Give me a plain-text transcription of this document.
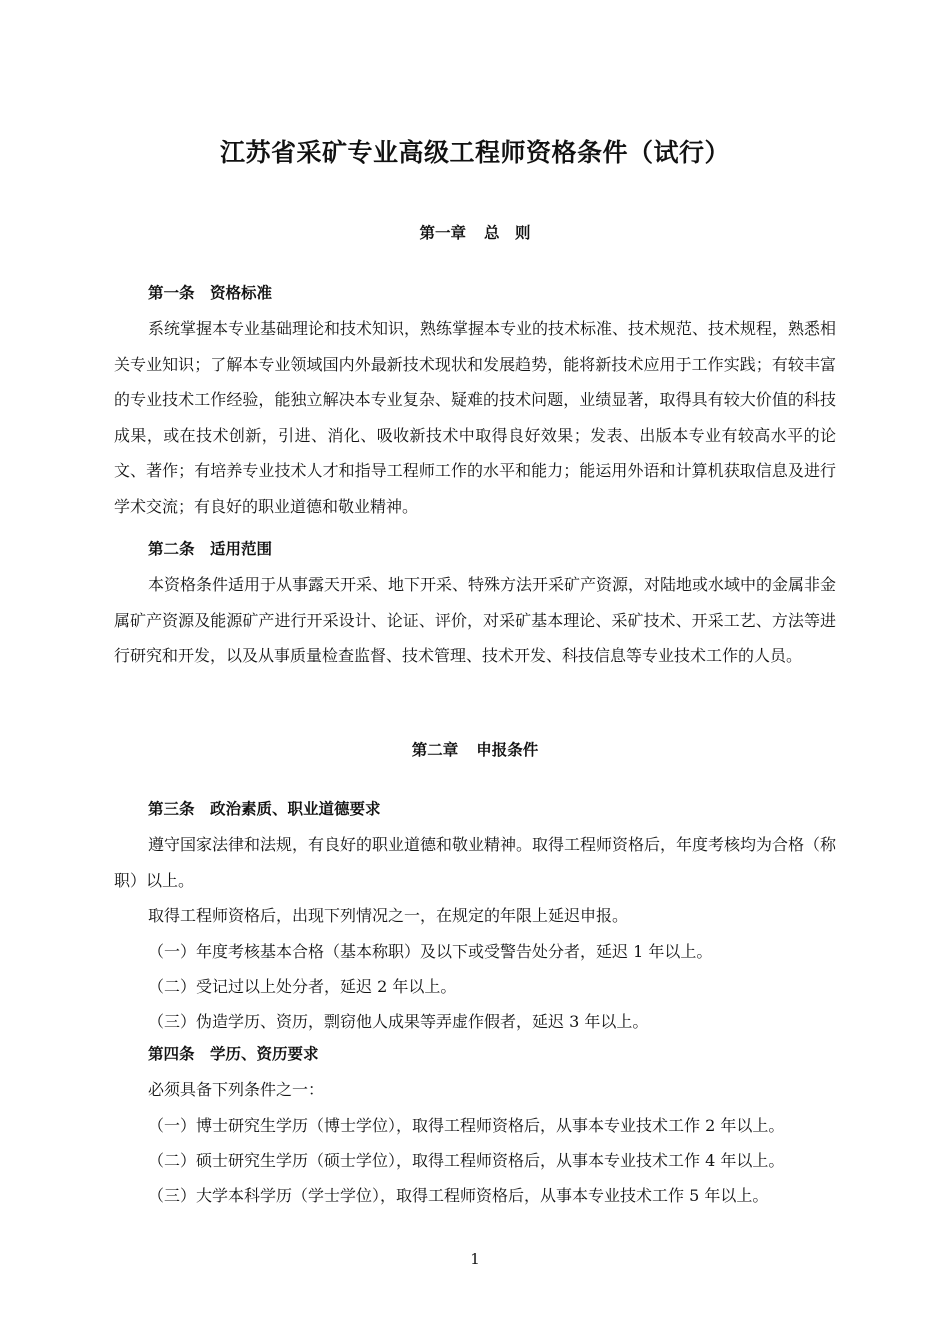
江苏省采矿专业高级工程师资格条件（试行）

第一章 总　则

第一条　资格标准

系统掌握本专业基础理论和技术知识，熟练掌握本专业的技术标准、技术规范、技术规程，熟悉相关专业知识；了解本专业领域国内外最新技术现状和发展趋势，能将新技术应用于工作实践；有较丰富的专业技术工作经验，能独立解决本专业复杂、疑难的技术问题，业绩显著，取得具有较大价值的科技成果，或在技术创新，引进、消化、吸收新技术中取得良好效果；发表、出版本专业有较高水平的论文、著作；有培养专业技术人才和指导工程师工作的水平和能力；能运用外语和计算机获取信息及进行学术交流；有良好的职业道德和敬业精神。

第二条　适用范围

本资格条件适用于从事露天开采、地下开采、特殊方法开采矿产资源，对陆地或水域中的金属非金属矿产资源及能源矿产进行开采设计、论证、评价，对采矿基本理论、采矿技术、开采工艺、方法等进行研究和开发，以及从事质量检查监督、技术管理、技术开发、科技信息等专业技术工作的人员。

第二章 申报条件

第三条　政治素质、职业道德要求

遵守国家法律和法规，有良好的职业道德和敬业精神。取得工程师资格后，年度考核均为合格（称职）以上。

取得工程师资格后，出现下列情况之一，在规定的年限上延迟申报。

（一）年度考核基本合格（基本称职）及以下或受警告处分者，延迟 1 年以上。

（二）受记过以上处分者，延迟 2 年以上。

（三）伪造学历、资历，剽窃他人成果等弄虚作假者，延迟 3 年以上。

第四条　学历、资历要求

必须具备下列条件之一：

（一）博士研究生学历（博士学位），取得工程师资格后，从事本专业技术工作 2 年以上。

（二）硕士研究生学历（硕士学位），取得工程师资格后，从事本专业技术工作 4 年以上。

（三）大学本科学历（学士学位），取得工程师资格后，从事本专业技术工作 5 年以上。

1
